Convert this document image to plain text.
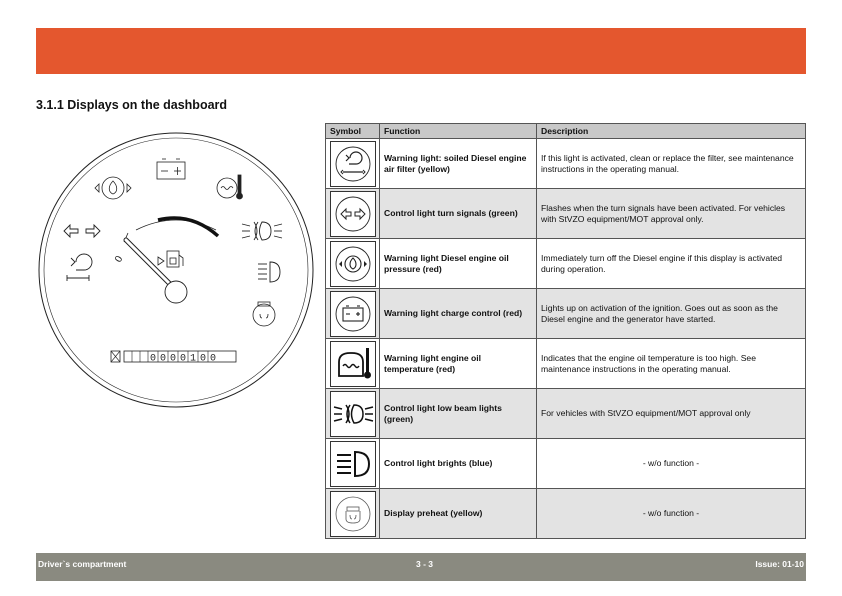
3.1.1 Displays on the dashboard
0
0 0 0 0 1 0 0
Symbol	Function	Description

	Warning light: soiled Diesel engine air filter (yellow)	If this light is activated, clean or replace the filter, see maintenance instructions in the operating manual.

	Control light turn signals (green)	Flashes when the turn signals have been activated. For vehicles with StVZO equipment/MOT approval only.

	Warning light Diesel engine oil pressure (red)	Immediately turn off the Diesel engine if this display is activated during operation.

	Warning light charge control (red)	Lights up on activation of the ignition. Goes out as soon as the Diesel engine and the generator have started.

	Warning light engine oil temperature (red)	Indicates that the engine oil temperature is too high. See maintenance instructions in the operating manual.

	Control light low beam lights (green)	For vehicles with StVZO equipment/MOT approval only

	Control light brights (blue)	- w/o function -

	Display preheat (yellow)	- w/o function -
Driver`s compartment	3 - 3	Issue: 01-10
